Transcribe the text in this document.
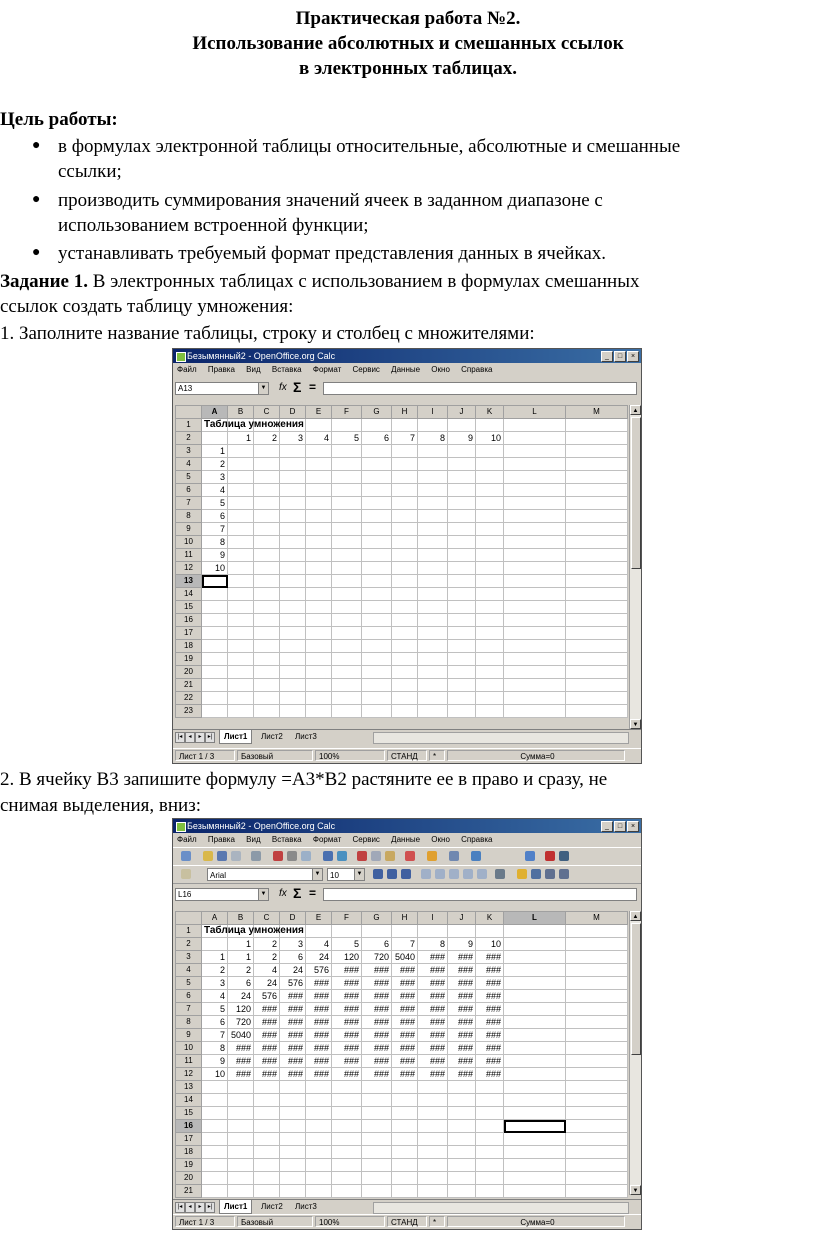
Практическая работа №2.
Использование абсолютных и смешанных ссылок
в электронных таблицах.
Цель работы:
● в формулах электронной таблицы относительные, абсолютные и смешанные
ссылки;
● производить суммирования значений ячеек в заданном диапазоне с
использованием встроенной функции;
● устанавливать требуемый формат представления данных в ячейках.
Задание 1. В электронных таблицах с использованием в формулах смешанных
ссылок создать таблицу умножения:
1. Заполните название таблицы, строку и столбец с множителями:
Безымянный2 - OpenOffice.org Calc	_	□	×
Файл Правка Вид Вставка Формат Сервис Данные Окно Справка
A13	▼ fx Σ =
	A	B	C	D	E	F	G	H	I	J	K	L	M
1	Таблица умножения												
2		1	2	3	4	5	6	7	8	9	10		
3	1												
4	2												
5	3												
6	4												
7	5												
8	6												
9	7												
10	8												
11	9												
12	10												
13													
14													
15													
16													
17													
18													
19													
20													
21													
22													
23													
▲
▼
|◂	◂	▸	▸|	Лист1	Лист2	Лист3
Лист 1 / 3	Базовый	100%	СТАНД	*	Сумма=0
2. В ячейку В3 запишите формулу =А3*В2 растяните ее в право и сразу, не
снимая выделения, вниз:
Безымянный2 - OpenOffice.org Calc	_	□	×
Файл Правка Вид Вставка Формат Сервис Данные Окно Справка
Arial	▼	10	▼
L16	▼ fx Σ =
	A	B	C	D	E	F	G	H	I	J	K	L	M
1	Таблица умножения												
2		1	2	3	4	5	6	7	8	9	10		
3	1	1	2	6	24	120	720	5040	###	###	###		
4	2	2	4	24	576	###	###	###	###	###	###		
5	3	6	24	576	###	###	###	###	###	###	###		
6	4	24	576	###	###	###	###	###	###	###	###		
7	5	120	###	###	###	###	###	###	###	###	###		
8	6	720	###	###	###	###	###	###	###	###	###		
9	7	5040	###	###	###	###	###	###	###	###	###		
10	8	###	###	###	###	###	###	###	###	###	###		
11	9	###	###	###	###	###	###	###	###	###	###		
12	10	###	###	###	###	###	###	###	###	###	###		
13													
14													
15													
16													
17													
18													
19													
20													
21													
▲
▼
|◂	◂	▸	▸|	Лист1	Лист2	Лист3
Лист 1 / 3	Базовый	100%	СТАНД	*	Сумма=0
